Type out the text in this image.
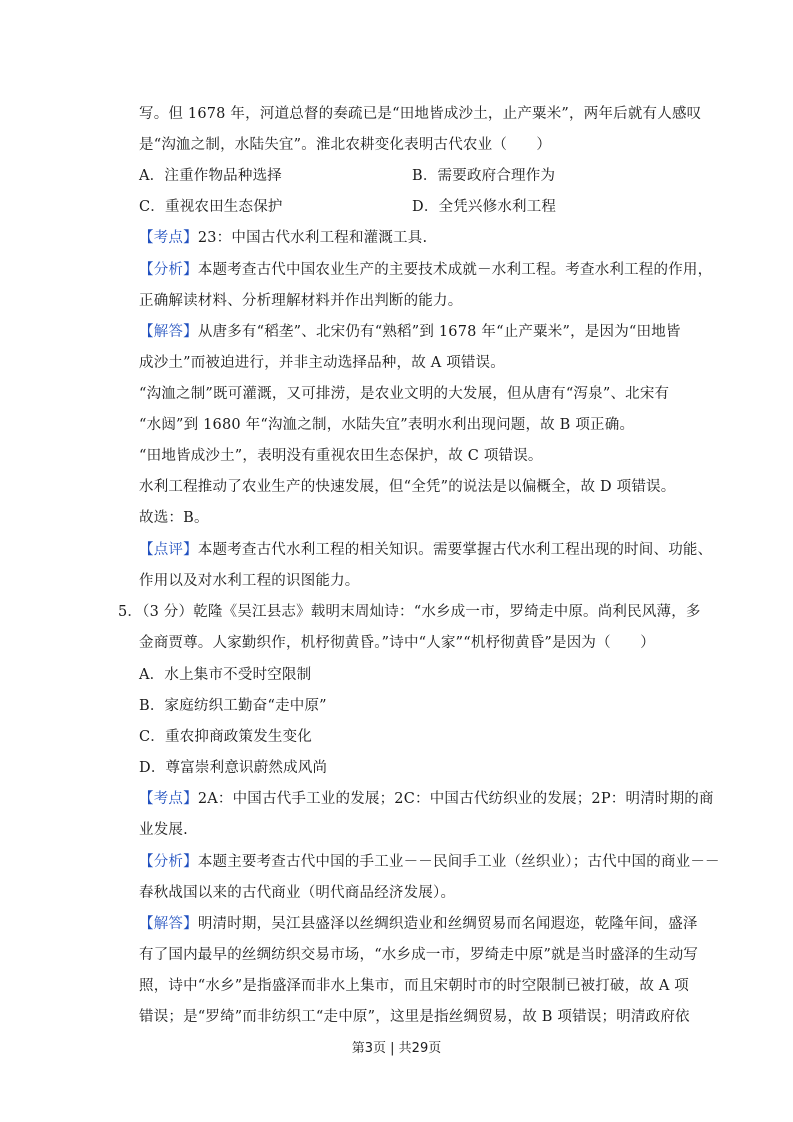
写。但 1678 年，河道总督的奏疏已是“田地皆成沙土，止产粟米”，两年后就有人感叹
是“沟洫之制，水陆失宜”。淮北农耕变化表明古代农业（　　）
A．注重作物品种选择	B．需要政府合理作为
C．重视农田生态保护	D．全凭兴修水利工程
【考点】23：中国古代水利工程和灌溉工具.
【分析】本题考查古代中国农业生产的主要技术成就－水利工程。考查水利工程的作用，
正确解读材料、分析理解材料并作出判断的能力。
【解答】从唐多有“稻垄”、北宋仍有“熟稻”到 1678 年“止产粟米”，是因为“田地皆
成沙土”而被迫进行，并非主动选择品种，故 A 项错误。
“沟洫之制”既可灌溉，又可排涝，是农业文明的大发展，但从唐有“泻泉”、北宋有
“水闼”到 1680 年“沟洫之制，水陆失宜”表明水利出现问题，故 B 项正确。
“田地皆成沙土”，表明没有重视农田生态保护，故 C 项错误。
水利工程推动了农业生产的快速发展，但“全凭”的说法是以偏概全，故 D 项错误。
故选：B。
【点评】本题考查古代水利工程的相关知识。需要掌握古代水利工程出现的时间、功能、
作用以及对水利工程的识图能力。
5．（3 分）乾隆《吴江县志》载明末周灿诗：“水乡成一市，罗绮走中原。尚利民风薄，多
金商贾尊。人家勤织作，机杼彻黄昏。”诗中“人家”“机杼彻黄昏”是因为（　　）
A．水上集市不受时空限制
B．家庭纺织工勤奋“走中原”
C．重农抑商政策发生变化
D．尊富崇利意识蔚然成风尚
【考点】2A：中国古代手工业的发展；2C：中国古代纺织业的发展；2P：明清时期的商
业发展.
【分析】本题主要考查古代中国的手工业－－民间手工业（丝织业）；古代中国的商业－－
春秋战国以来的古代商业（明代商品经济发展）。
【解答】明清时期，吴江县盛泽以丝绸织造业和丝绸贸易而名闻遐迩，乾隆年间，盛泽
有了国内最早的丝绸纺织交易市场，“水乡成一市，罗绮走中原”就是当时盛泽的生动写
照，诗中“水乡”是指盛泽而非水上集市，而且宋朝时市的时空限制已被打破，故 A 项
错误；是“罗绮”而非纺织工“走中原”，这里是指丝绸贸易，故 B 项错误；明清政府依
第3页 | 共29页
